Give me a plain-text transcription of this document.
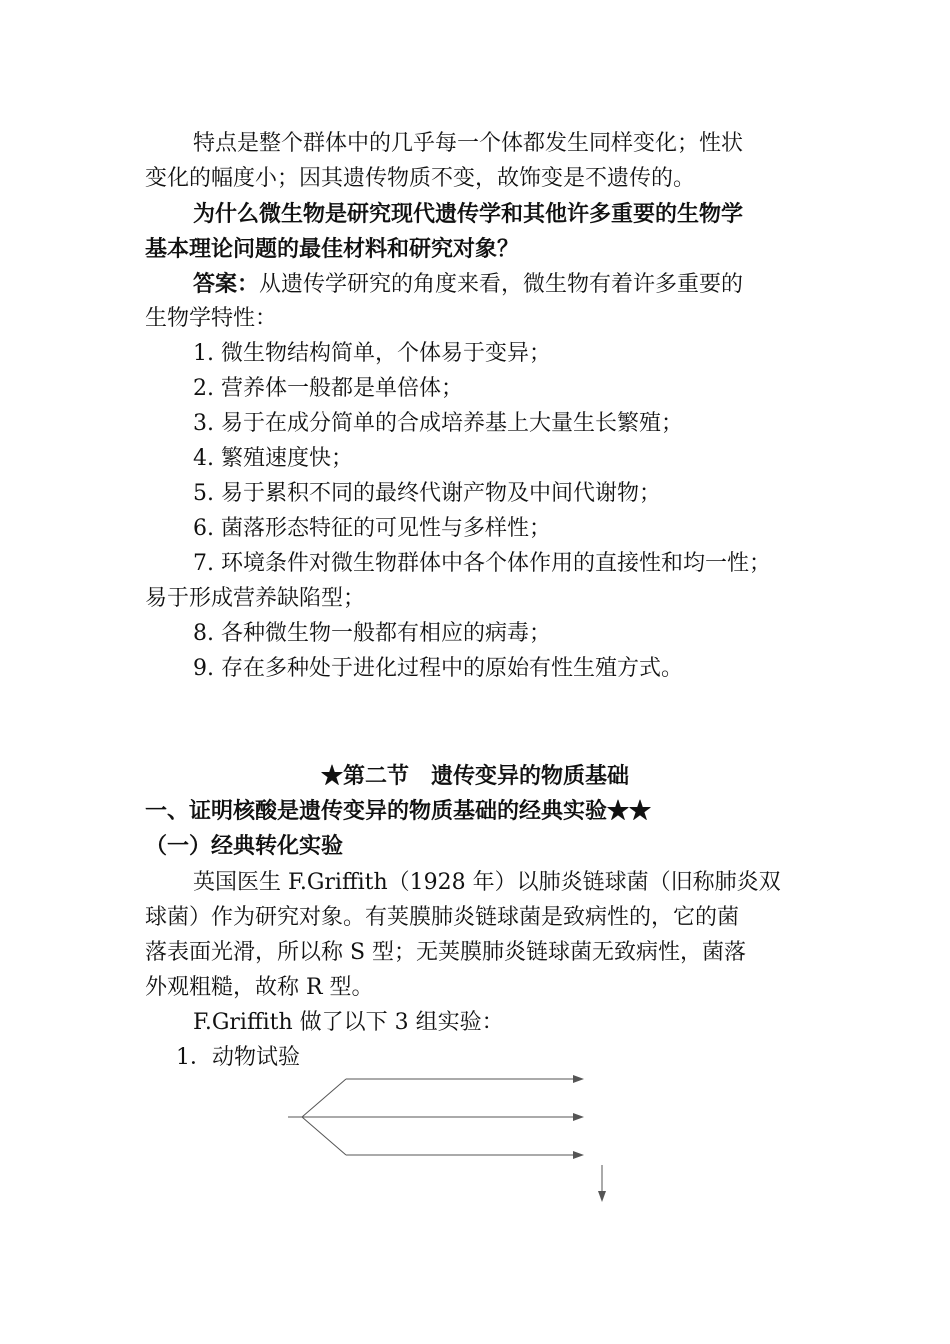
特点是整个群体中的几乎每一个体都发生同样变化；性状
变化的幅度小；因其遗传物质不变，故饰变是不遗传的。
为什么微生物是研究现代遗传学和其他许多重要的生物学
基本理论问题的最佳材料和研究对象？
答案：从遗传学研究的角度来看，微生物有着许多重要的
生物学特性：
1. 微生物结构简单，个体易于变异；
2. 营养体一般都是单倍体；
3. 易于在成分简单的合成培养基上大量生长繁殖；
4. 繁殖速度快；
5. 易于累积不同的最终代谢产物及中间代谢物；
6. 菌落形态特征的可见性与多样性；
7. 环境条件对微生物群体中各个体作用的直接性和均一性；
易于形成营养缺陷型；
8. 各种微生物一般都有相应的病毒；
9. 存在多种处于进化过程中的原始有性生殖方式。
★第二节　遗传变异的物质基础
一、证明核酸是遗传变异的物质基础的经典实验★★
（一）经典转化实验
英国医生 F.Griffith（1928 年）以肺炎链球菌（旧称肺炎双
球菌）作为研究对象。有荚膜肺炎链球菌是致病性的，它的菌
落表面光滑，所以称 S 型；无荚膜肺炎链球菌无致病性，菌落
外观粗糙，故称 R 型。
F.Griffith 做了以下 3 组实验：
1．动物试验
